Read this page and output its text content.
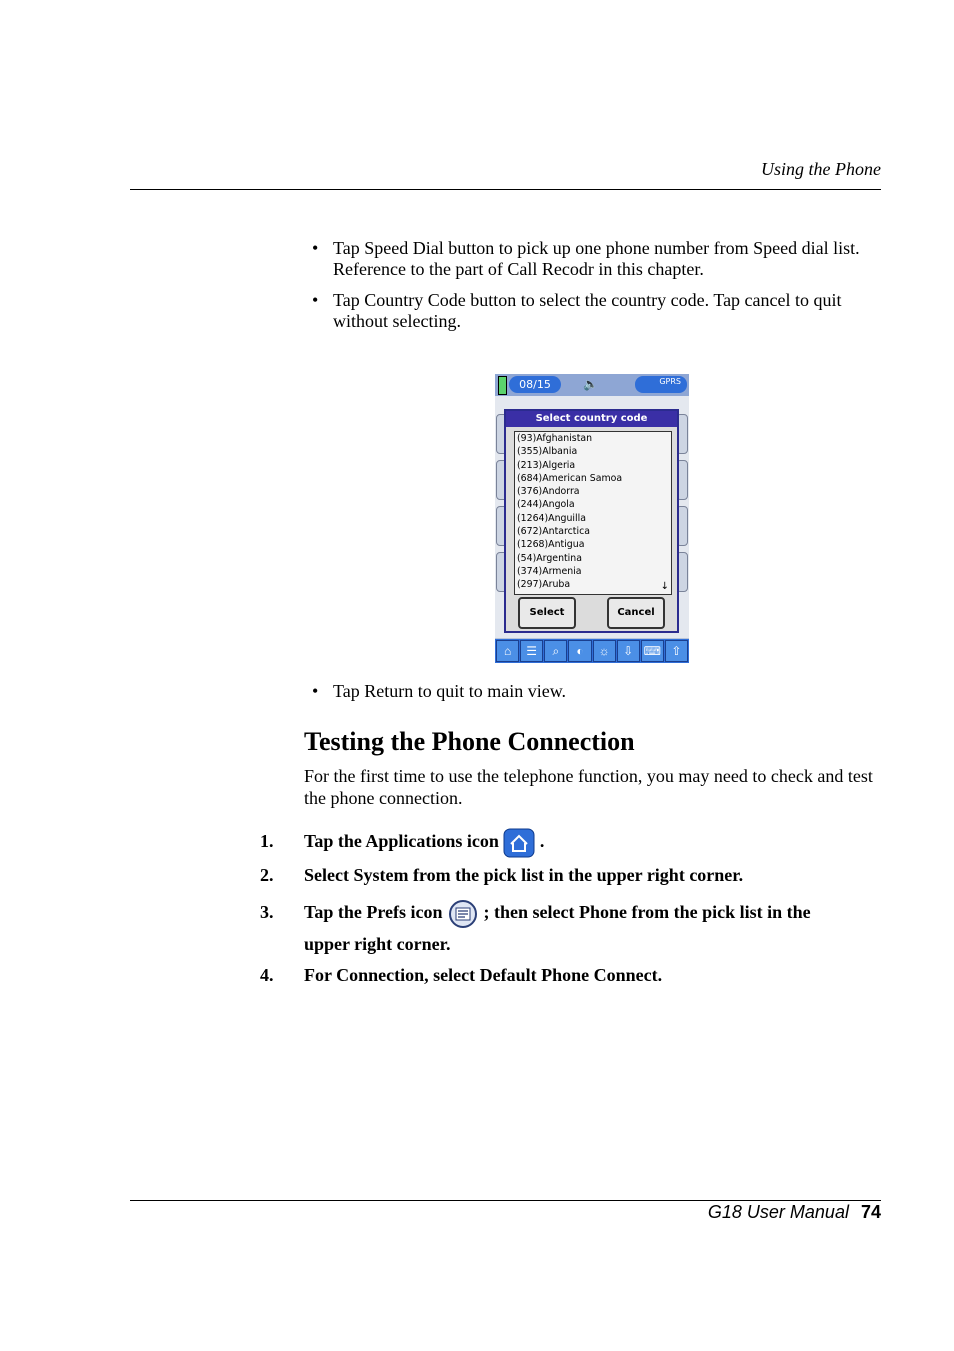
Using the Phone
• Tap Speed Dial button to pick up one phone number from Speed dial list. Reference to the part of Call Recodr in this chapter.
• Tap Country Code button to select the country code. Tap cancel to quit without selecting.
08/15	🔈	GPRS
Select country code
(93)Afghanistan
(355)Albania
(213)Algeria
(684)American Samoa
(376)Andorra
(244)Angola
(1264)Anguilla
(672)Antarctica
(1268)Antigua
(54)Argentina
(374)Armenia
(297)Aruba	↓
Select	Cancel
⌂	☰	⌕	◐	☼	⇩ ⌨ ⇧
• Tap Return to quit to main view.
Testing the Phone Connection
For the first time to use the telephone function, you may need to check and test the phone connection.
1.	Tap the Applications icon .
2.	Select System from the pick list in the upper right corner.
3.	Tap the Prefs icon ; then select Phone from the pick list in the upper right corner.
4.	For Connection, select Default Phone Connect.
G18 User Manual 74
